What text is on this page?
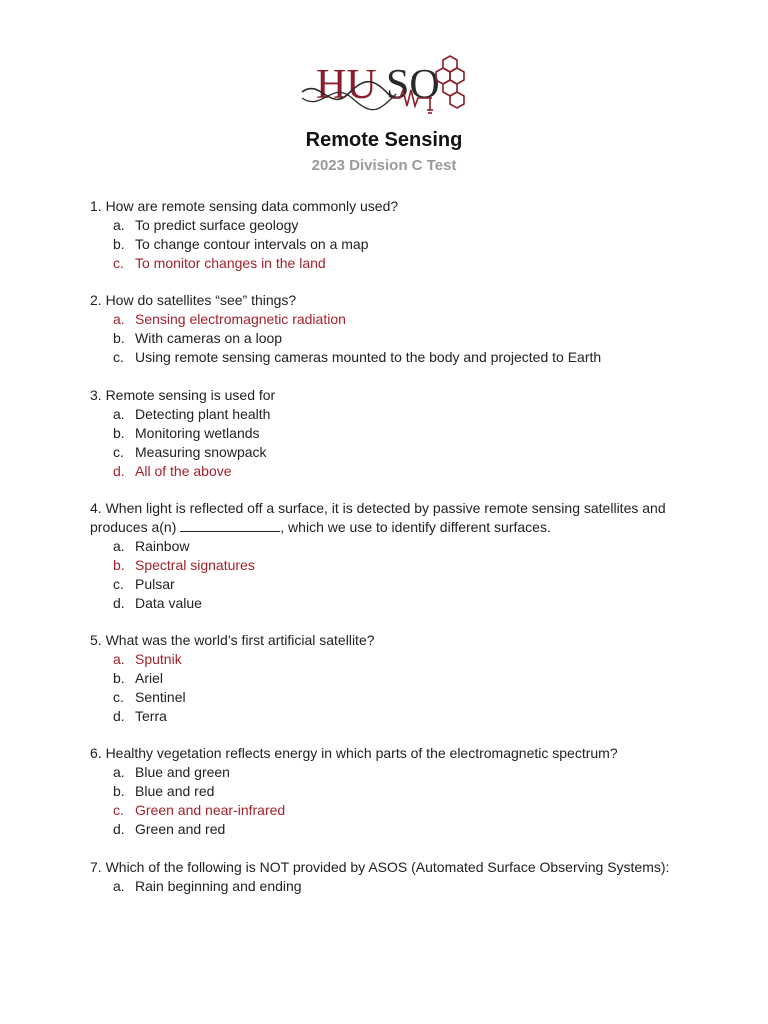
HU SO
Remote Sensing
2023 Division C Test
1. How are remote sensing data commonly used?
a. To predict surface geology
b. To change contour intervals on a map
c. To monitor changes in the land
2. How do satellites “see” things?
a. Sensing electromagnetic radiation
b. With cameras on a loop
c. Using remote sensing cameras mounted to the body and projected to Earth
3. Remote sensing is used for
a. Detecting plant health
b. Monitoring wetlands
c. Measuring snowpack
d. All of the above
4. When light is reflected off a surface, it is detected by passive remote sensing satellites and produces a(n)	, which we use to identify different surfaces.
a. Rainbow
b. Spectral signatures
c. Pulsar
d. Data value
5. What was the world’s first artificial satellite?
a. Sputnik
b. Ariel
c. Sentinel
d. Terra
6. Healthy vegetation reflects energy in which parts of the electromagnetic spectrum?
a. Blue and green
b. Blue and red
c. Green and near-infrared
d. Green and red
7. Which of the following is NOT provided by ASOS (Automated Surface Observing Systems):
a. Rain beginning and ending
